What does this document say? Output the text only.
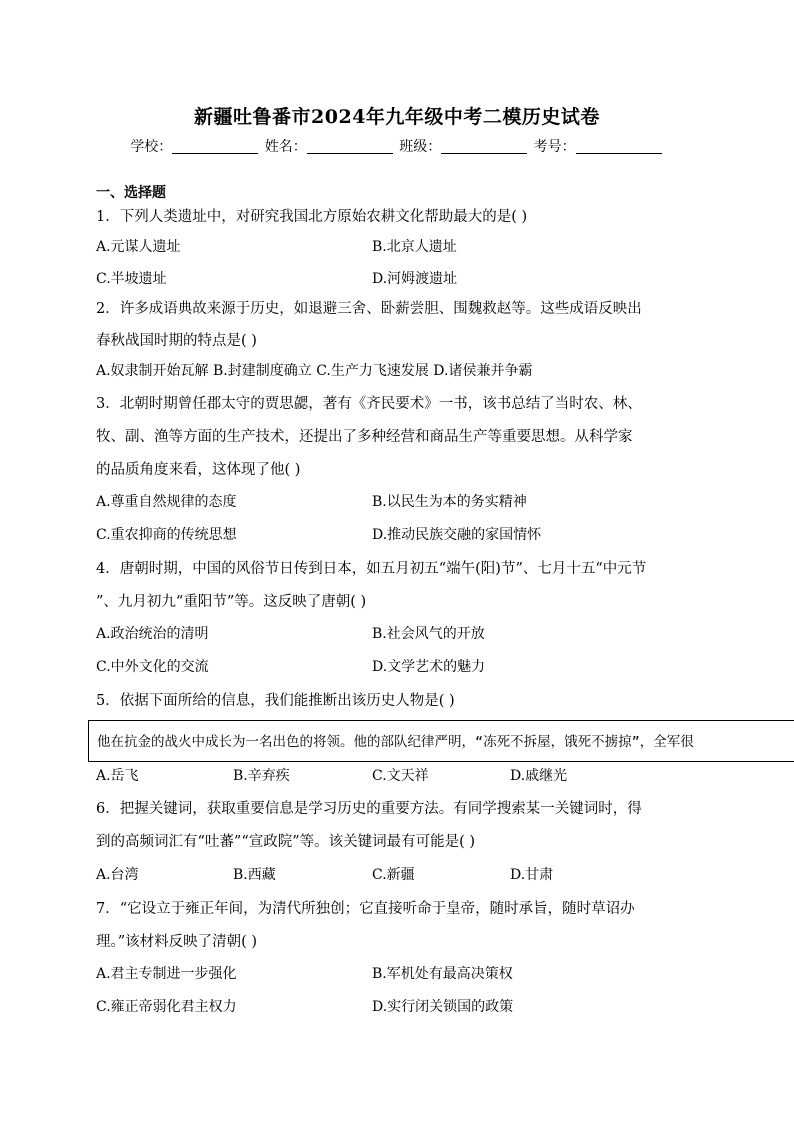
新疆吐鲁番市2024年九年级中考二模历史试卷
学校：	姓名：	班级：	考号：
一、选择题
1．下列人类遗址中，对研究我国北方原始农耕文化帮助最大的是( )
A.元谋人遗址	B.北京人遗址
C.半坡遗址	D.河姆渡遗址
2．许多成语典故来源于历史，如退避三舍、卧薪尝胆、围魏救赵等。这些成语反映出
春秋战国时期的特点是( )
A.奴隶制开始瓦解 B.封建制度确立 C.生产力飞速发展 D.诸侯兼并争霸
3．北朝时期曾任郡太守的贾思勰，著有《齐民要术》一书，该书总结了当时农、林、
牧、副、渔等方面的生产技术，还提出了多种经营和商品生产等重要思想。从科学家
的品质角度来看，这体现了他( )
A.尊重自然规律的态度	B.以民生为本的务实精神
C.重农抑商的传统思想	D.推动民族交融的家国情怀
4．唐朝时期，中国的风俗节日传到日本，如五月初五“端午(阳)节”、七月十五“中元节
”、九月初九“重阳节”等。这反映了唐朝( )
A.政治统治的清明	B.社会风气的开放
C.中外文化的交流	D.文学艺术的魅力
5．依据下面所给的信息，我们能推断出该历史人物是( )
他在抗金的战火中成长为一名出色的将领。他的部队纪律严明，“冻死不拆屋，饿死不掳掠”，全军很
A.岳飞	B.辛弃疾	C.文天祥	D.戚继光
6．把握关键词，获取重要信息是学习历史的重要方法。有同学搜索某一关键词时，得
到的高频词汇有“吐蕃”“宣政院”等。该关键词最有可能是( )
A.台湾	B.西藏	C.新疆	D.甘肃
7．“它设立于雍正年间，为清代所独创；它直接听命于皇帝，随时承旨，随时草诏办
理。”该材料反映了清朝( )
A.君主专制进一步强化	B.军机处有最高决策权
C.雍正帝弱化君主权力	D.实行闭关锁国的政策
